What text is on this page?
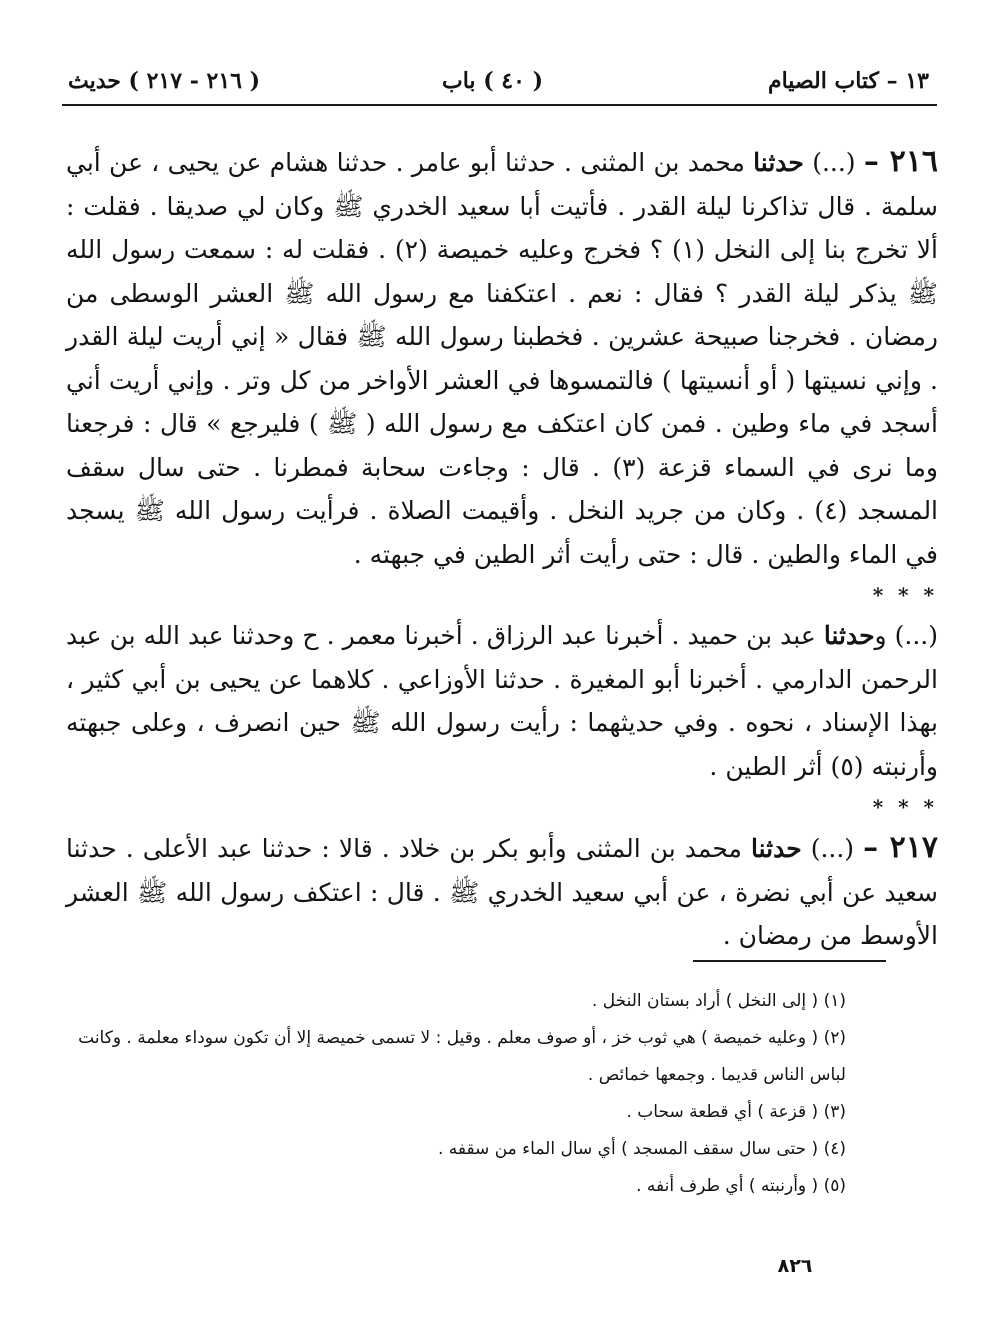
١٣ – كتاب الصيام
( ٤٠ ) باب
( ٢١٦ - ٢١٧ ) حديث

٢١٦ – (...) حدثنا محمد بن المثنى . حدثنا أبو عامر . حدثنا هشام عن يحيى ، عن أبي سلمة . قال تذاكرنا ليلة القدر . فأتيت أبا سعيد الخدري ﷺ وكان لي صديقا . فقلت : ألا تخرج بنا إلى النخل (١) ؟ فخرج وعليه خميصة (٢) . فقلت له : سمعت رسول الله ﷺ يذكر ليلة القدر ؟ فقال : نعم . اعتكفنا مع رسول الله ﷺ العشر الوسطى من رمضان . فخرجنا صبيحة عشرين . فخطبنا رسول الله ﷺ فقال « إني أريت ليلة القدر . وإني نسيتها ( أو أنسيتها ) فالتمسوها في العشر الأواخر من كل وتر . وإني أريت أني أسجد في ماء وطين . فمن كان اعتكف مع رسول الله ( ﷺ ) فليرجع » قال : فرجعنا وما نرى في السماء قزعة (٣) . قال : وجاءت سحابة فمطرنا . حتى سال سقف المسجد (٤) . وكان من جريد النخل . وأقيمت الصلاة . فرأيت رسول الله ﷺ يسجد في الماء والطين . قال : حتى رأيت أثر الطين في جبهته .

* * *

(...) وحدثنا عبد بن حميد . أخبرنا عبد الرزاق . أخبرنا معمر . ح وحدثنا عبد الله بن عبد الرحمن الدارمي . أخبرنا أبو المغيرة . حدثنا الأوزاعي . كلاهما عن يحيى بن أبي كثير ، بهذا الإسناد ، نحوه . وفي حديثهما : رأيت رسول الله ﷺ حين انصرف ، وعلى جبهته وأرنبته (٥) أثر الطين .

* * *

٢١٧ – (...) حدثنا محمد بن المثنى وأبو بكر بن خلاد . قالا : حدثنا عبد الأعلى . حدثنا سعيد عن أبي نضرة ، عن أبي سعيد الخدري ﷺ . قال : اعتكف رسول الله ﷺ العشر الأوسط من رمضان .

(١) ( إلى النخل ) أراد بستان النخل .

(٢) ( وعليه خميصة ) هي ثوب خز ، أو صوف معلم . وقيل : لا تسمى خميصة إلا أن تكون سوداء معلمة . وكانت لباس الناس قديما . وجمعها خمائص .

(٣) ( قزعة ) أي قطعة سحاب .

(٤) ( حتى سال سقف المسجد ) أي سال الماء من سقفه .

(٥) ( وأرنبته ) أي طرف أنفه .

٨٢٦
